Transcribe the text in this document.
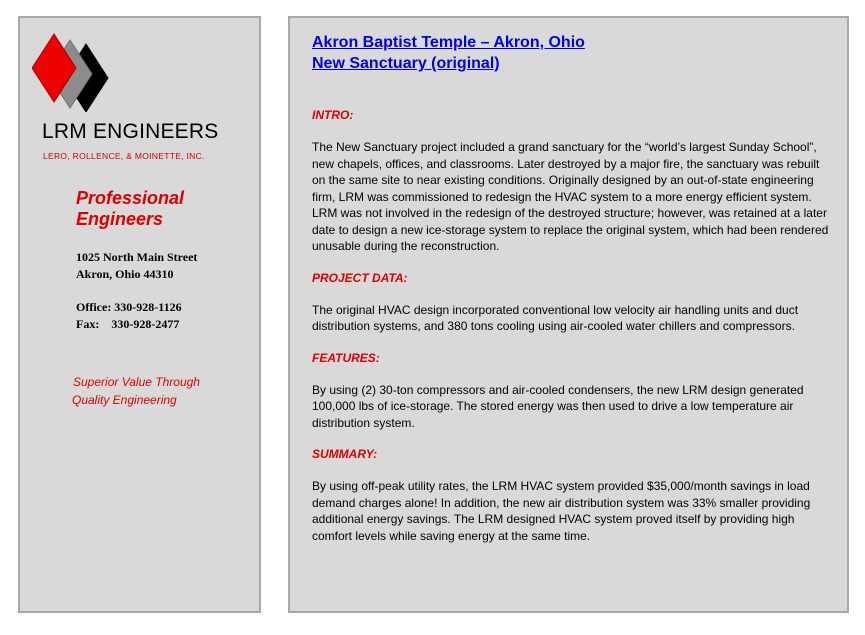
LRM ENGINEERS
LERO, ROLLENCE, & MOINETTE, INC.
Professional
Engineers
1025 North Main Street
Akron, Ohio 44310
Office: 330-928-1126
Fax:    330-928-2477
Superior Value Through
Quality Engineering
Akron Baptist Temple – Akron, Ohio
New Sanctuary (original)

INTRO:

The New Sanctuary project included a grand sanctuary for the “world’s largest Sunday School”, new chapels, offices, and classrooms. Later destroyed by a major fire, the sanctuary was rebuilt on the same site to near existing conditions. Originally designed by an out-of-state engineering firm, LRM was commissioned to redesign the HVAC system to a more energy efficient system. LRM was not involved in the redesign of the destroyed structure; however, was retained at a later date to design a new ice-storage system to replace the original system, which had been rendered unusable during the reconstruction.

PROJECT DATA:

The original HVAC design incorporated conventional low velocity air handling units and duct distribution systems, and 380 tons cooling using air-cooled water chillers and compressors.

FEATURES:

By using (2) 30-ton compressors and air-cooled condensers, the new LRM design generated 100,000 lbs of ice-storage. The stored energy was then used to drive a low temperature air distribution system.

SUMMARY:

By using off-peak utility rates, the LRM HVAC system provided $35,000/month savings in load demand charges alone! In addition, the new air distribution system was 33% smaller providing additional energy savings. The LRM designed HVAC system proved itself by providing high comfort levels while saving energy at the same time.
